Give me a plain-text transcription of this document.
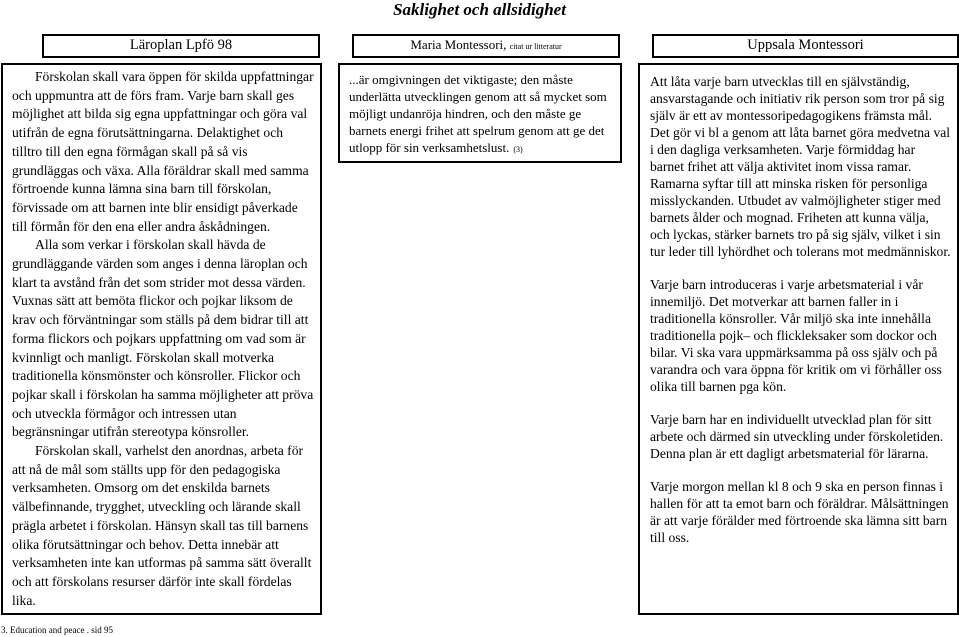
Saklighet och allsidighet
Läroplan Lpfö 98	Maria Montessori, citat ur litteratur	Uppsala Montessori

Förskolan skall vara öppen för skilda uppfattningar och uppmuntra att de förs fram. Varje barn skall ges möjlighet att bilda sig egna uppfattningar och göra val utifrån de egna förutsättningarna. Delaktighet och tilltro till den egna förmågan skall på så vis grundläggas och växa. Alla föräldrar skall med samma förtroende kunna lämna sina barn till förskolan, förvissade om att barnen inte blir ensidigt påverkade till förmån för den ena eller andra åskådningen.

Alla som verkar i förskolan skall hävda de grundläggande värden som anges i denna läroplan och klart ta avstånd från det som strider mot dessa värden. Vuxnas sätt att bemöta flickor och pojkar liksom de krav och förväntningar som ställs på dem bidrar till att forma flickors och pojkars uppfattning om vad som är kvinnligt och manligt. Förskolan skall motverka traditionella könsmönster och könsroller. Flickor och pojkar skall i förskolan ha samma möjligheter att pröva och utveckla förmågor och intressen utan begränsningar utifrån stereotypa könsroller.

Förskolan skall, varhelst den anordnas, arbeta för att nå de mål som ställts upp för den pedagogiska verksamheten. Omsorg om det enskilda barnets välbefinnande, trygghet, utveckling och lärande skall prägla arbetet i förskolan. Hänsyn skall tas till barnens olika förutsättningar och behov. Detta innebär att verksamheten inte kan utformas på samma sätt överallt och att förskolans resurser därför inte skall fördelas lika.

...är omgivningen det viktigaste; den måste underlätta utvecklingen genom att så mycket som möjligt undanröja hindren, och den måste ge barnets energi frihet att spelrum genom att ge det utlopp för sin verksamhetslust. (3)

Att låta varje barn utvecklas till en självständig, ansvarstagande och initiativ rik person som tror på sig själv är ett av montessoripedagogikens främsta mål. Det gör vi bl a genom att låta barnet göra medvetna val i den dagliga verksamheten. Varje förmiddag har barnet frihet att välja aktivitet inom vissa ramar. Ramarna syftar till att minska risken för personliga misslyckanden. Utbudet av valmöjligheter stiger med barnets ålder och mognad. Friheten att kunna välja, och lyckas, stärker barnets tro på sig själv, vilket i sin tur leder till lyhördhet och tolerans mot medmänniskor.

Varje barn introduceras i varje arbetsmaterial i vår innemiljö. Det motverkar att barnen faller in i traditionella könsroller. Vår miljö ska inte innehålla traditionella pojk– och flickleksaker som dockor och bilar. Vi ska vara uppmärksamma på oss själv och på varandra och vara öppna för kritik om vi förhåller oss olika till barnen pga kön.

Varje barn har en individuellt utvecklad plan för sitt arbete och därmed sin utveckling under förskoletiden. Denna plan är ett dagligt arbetsmaterial för lärarna.

Varje morgon mellan kl 8 och 9 ska en person finnas i hallen för att ta emot barn och föräldrar. Målsättningen är att varje förälder med förtroende ska lämna sitt barn till oss.

3. Education and peace . sid 95
